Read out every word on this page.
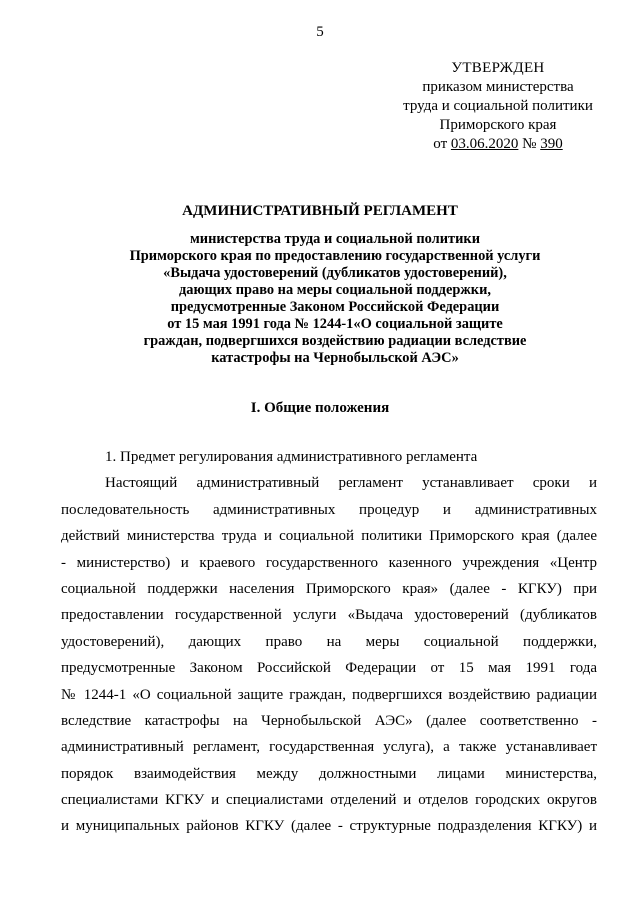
5
УТВЕРЖДЕН
приказом министерства
труда и социальной политики
Приморского края
от 03.06.2020 № 390
АДМИНИСТРАТИВНЫЙ РЕГЛАМЕНТ
министерства труда и социальной политики
Приморского края по предоставлению государственной услуги
«Выдача удостоверений (дубликатов удостоверений),
дающих право на меры социальной поддержки,
предусмотренные Законом Российской Федерации
от 15 мая 1991 года № 1244-1«О социальной защите
граждан, подвергшихся воздействию радиации вследствие
катастрофы на Чернобыльской АЭС»
I. Общие положения
1. Предмет регулирования административного регламента
Настоящий административный регламент устанавливает сроки и
последовательность административных процедур и административных
действий министерства труда и социальной политики Приморского края (далее
- министерство) и краевого государственного казенного учреждения «Центр
социальной поддержки населения Приморского края» (далее - КГКУ) при
предоставлении государственной услуги «Выдача удостоверений (дубликатов
удостоверений), дающих право на меры социальной поддержки,
предусмотренные Законом Российской Федерации от 15 мая 1991 года
№ 1244-1 «О социальной защите граждан, подвергшихся воздействию радиации
вследствие катастрофы на Чернобыльской АЭС» (далее соответственно -
административный регламент, государственная услуга), а также устанавливает
порядок взаимодействия между должностными лицами министерства,
специалистами КГКУ и специалистами отделений и отделов городских округов
и муниципальных районов КГКУ (далее - структурные подразделения КГКУ) и
